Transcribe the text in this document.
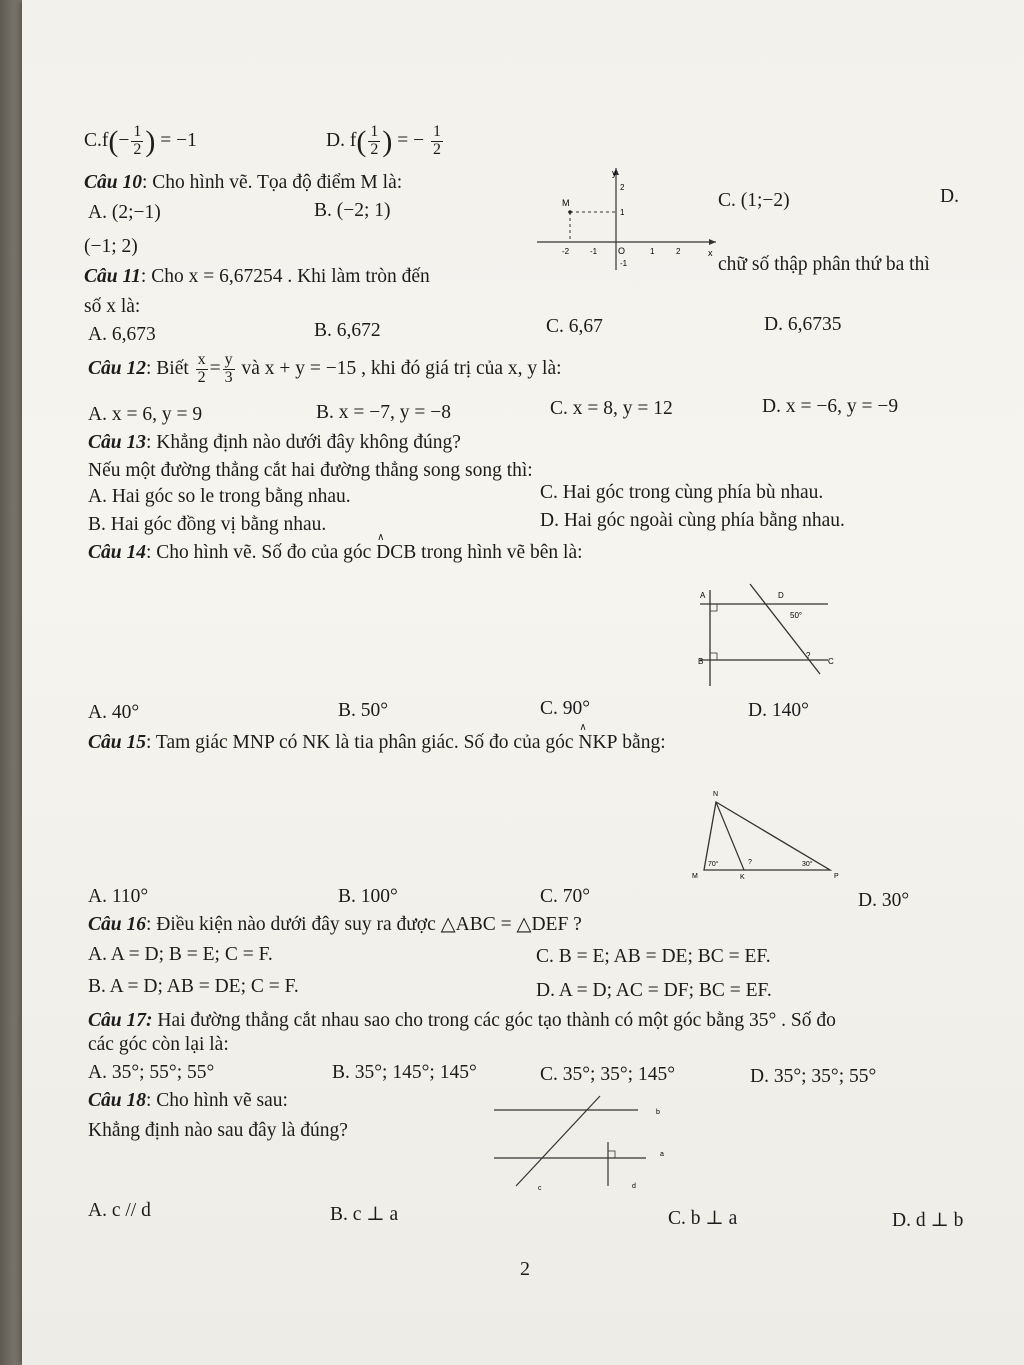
$C.f(- \frac{1}{2}$ ) = −1	D. $f( \frac{1}{2}$ ) = − $\frac{1}{2}$
Câu 10: Cho hình vẽ. Tọa độ điểm M là:
A. (2;−1)	B. (−2; 1)	C. (1;−2)	D.
(−1; 2)
y
x
M
2
1
-1
O
-2	-1	1	2
Câu 11: Cho x = 6,67254 . Khi làm tròn đến
chữ số thập phân thứ ba thì
số x là:
A. 6,673	B. 6,672	C. 6,67	D. 6,6735
Câu 12: Biết $\frac{x}{2} = \frac{y}{3}$ và x + y = −15 , khi đó giá trị của x, y là:
A. x = 6, y = 9	B. x = −7, y = −8	C. x = 8, y = 12	D. x = −6, y = −9
Câu 13: Khẳng định nào dưới đây không đúng?
Nếu một đường thẳng cắt hai đường thẳng song song thì:
A. Hai góc so le trong bằng nhau.	C. Hai góc trong cùng phía bù nhau.
B. Hai góc đồng vị bằng nhau.	D. Hai góc ngoài cùng phía bằng nhau.
Câu 14: Cho hình vẽ. Số đo của góc ∧ DCB trong hình vẽ bên là:
A	D
B	C
50°
?
A. 40°	B. 50°	C. 90°	D. 140°
Câu 15: Tam giác MNP có NK là tia phân giác. Số đo của góc ∧ NKP bằng:
N
M	K	P
70°	30°
?
A. 110°	B. 100°	C. 70°	D. 30°
Câu 16: Điều kiện nào dưới đây suy ra được △ABC = △DEF ?
A. A = D; B = E; C = F.	C. B = E; AB = DE; BC = EF.
B. A = D; AB = DE; C = F.	D. A = D; AC = DF; BC = EF.
Câu 17: Hai đường thẳng cắt nhau sao cho trong các góc tạo thành có một góc bằng 35° . Số đo
các góc còn lại là:
A. 35°; 55°; 55°	B. 35°; 145°; 145°	C. 35°; 35°; 145°	D. 35°; 35°; 55°
Câu 18: Cho hình vẽ sau:
Khẳng định nào sau đây là đúng?
b
a
c	d
A. c // d	B. c ⊥ a	C. b ⊥ a	D. d ⊥ b
2
